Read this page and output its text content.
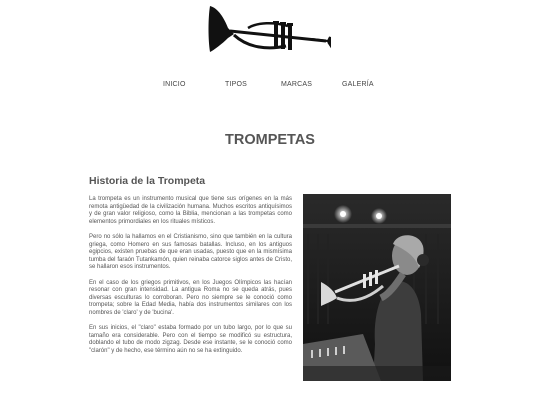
INICIO	TIPOS	MARCAS	GALERÍA
TROMPETAS
Historia de la Trompeta

La trompeta es un instrumento musical que tiene sus orígenes en la más remota antigüedad de la civilización humana. Muchos escritos antiquísimos y de gran valor religioso, como la Biblia, mencionan a las trompetas como elementos primordiales en los rituales místicos.

Pero no sólo la hallamos en el Cristianismo, sino que también en la cultura griega, como Homero en sus famosas batallas. Incluso, en los antiguos egipcios, existen pruebas de que eran usadas, puesto que en la mismísima tumba del faraón Tutankamón, quien reinaba catorce siglos antes de Cristo, se hallaron esos instrumentos.

En el caso de los griegos primitivos, en los Juegos Olímpicos las hacían resonar con gran intensidad. La antigua Roma no se queda atrás, pues diversas esculturas lo corroboran. Pero no siempre se le conoció como trompeta; sobre la Edad Media, había dos instrumentos similares con los nombres de 'claro' y de 'bucina'.

En sus inicios, el "claro" estaba formado por un tubo largo, por lo que su tamaño era considerable. Pero con el tiempo se modificó su estructura, doblando el tubo de modo zigzag. Desde ese instante, se le conoció como "clarón" y de hecho, ese término aún no se ha extinguido.
